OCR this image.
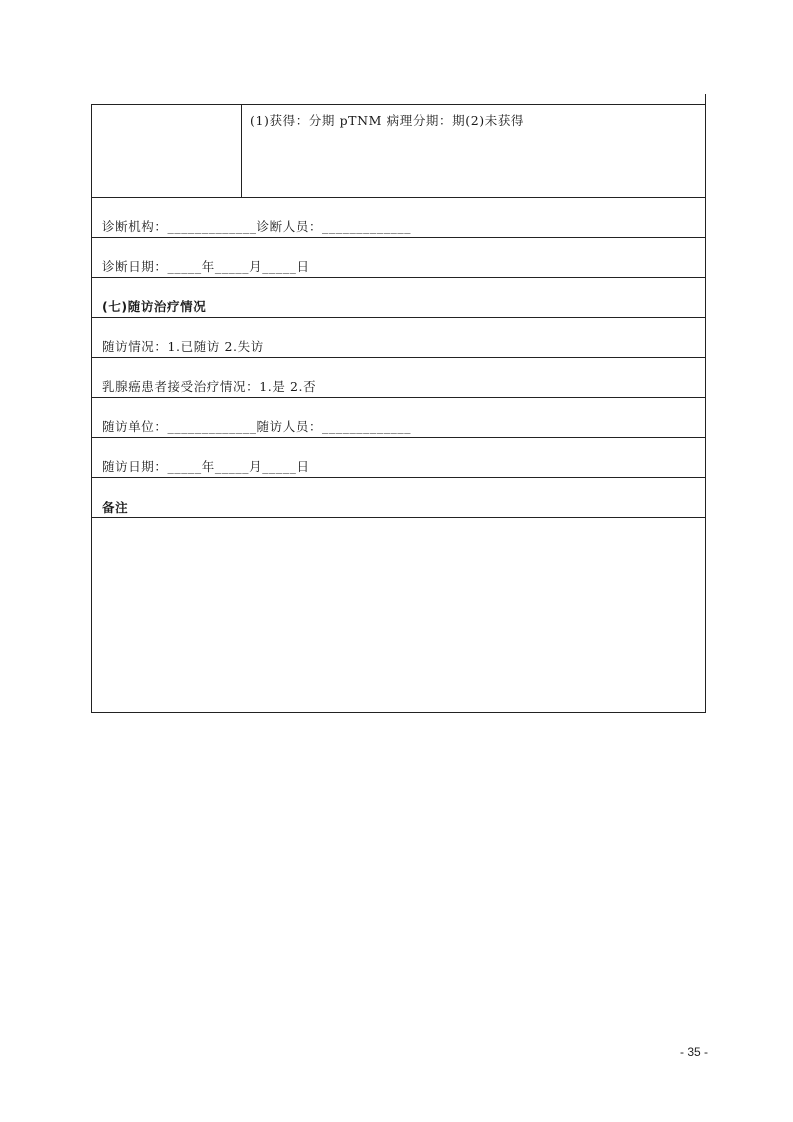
(1)获得：分期 pTNM 病理分期：期(2)未获得
诊断机构：_____________诊断人员：_____________
诊断日期：_____年_____月_____日
(七)随访治疗情况
随访情况：1.已随访 2.失访
乳腺癌患者接受治疗情况：1.是 2.否
随访单位：_____________随访人员：_____________
随访日期：_____年_____月_____日
备注
- 35 -
